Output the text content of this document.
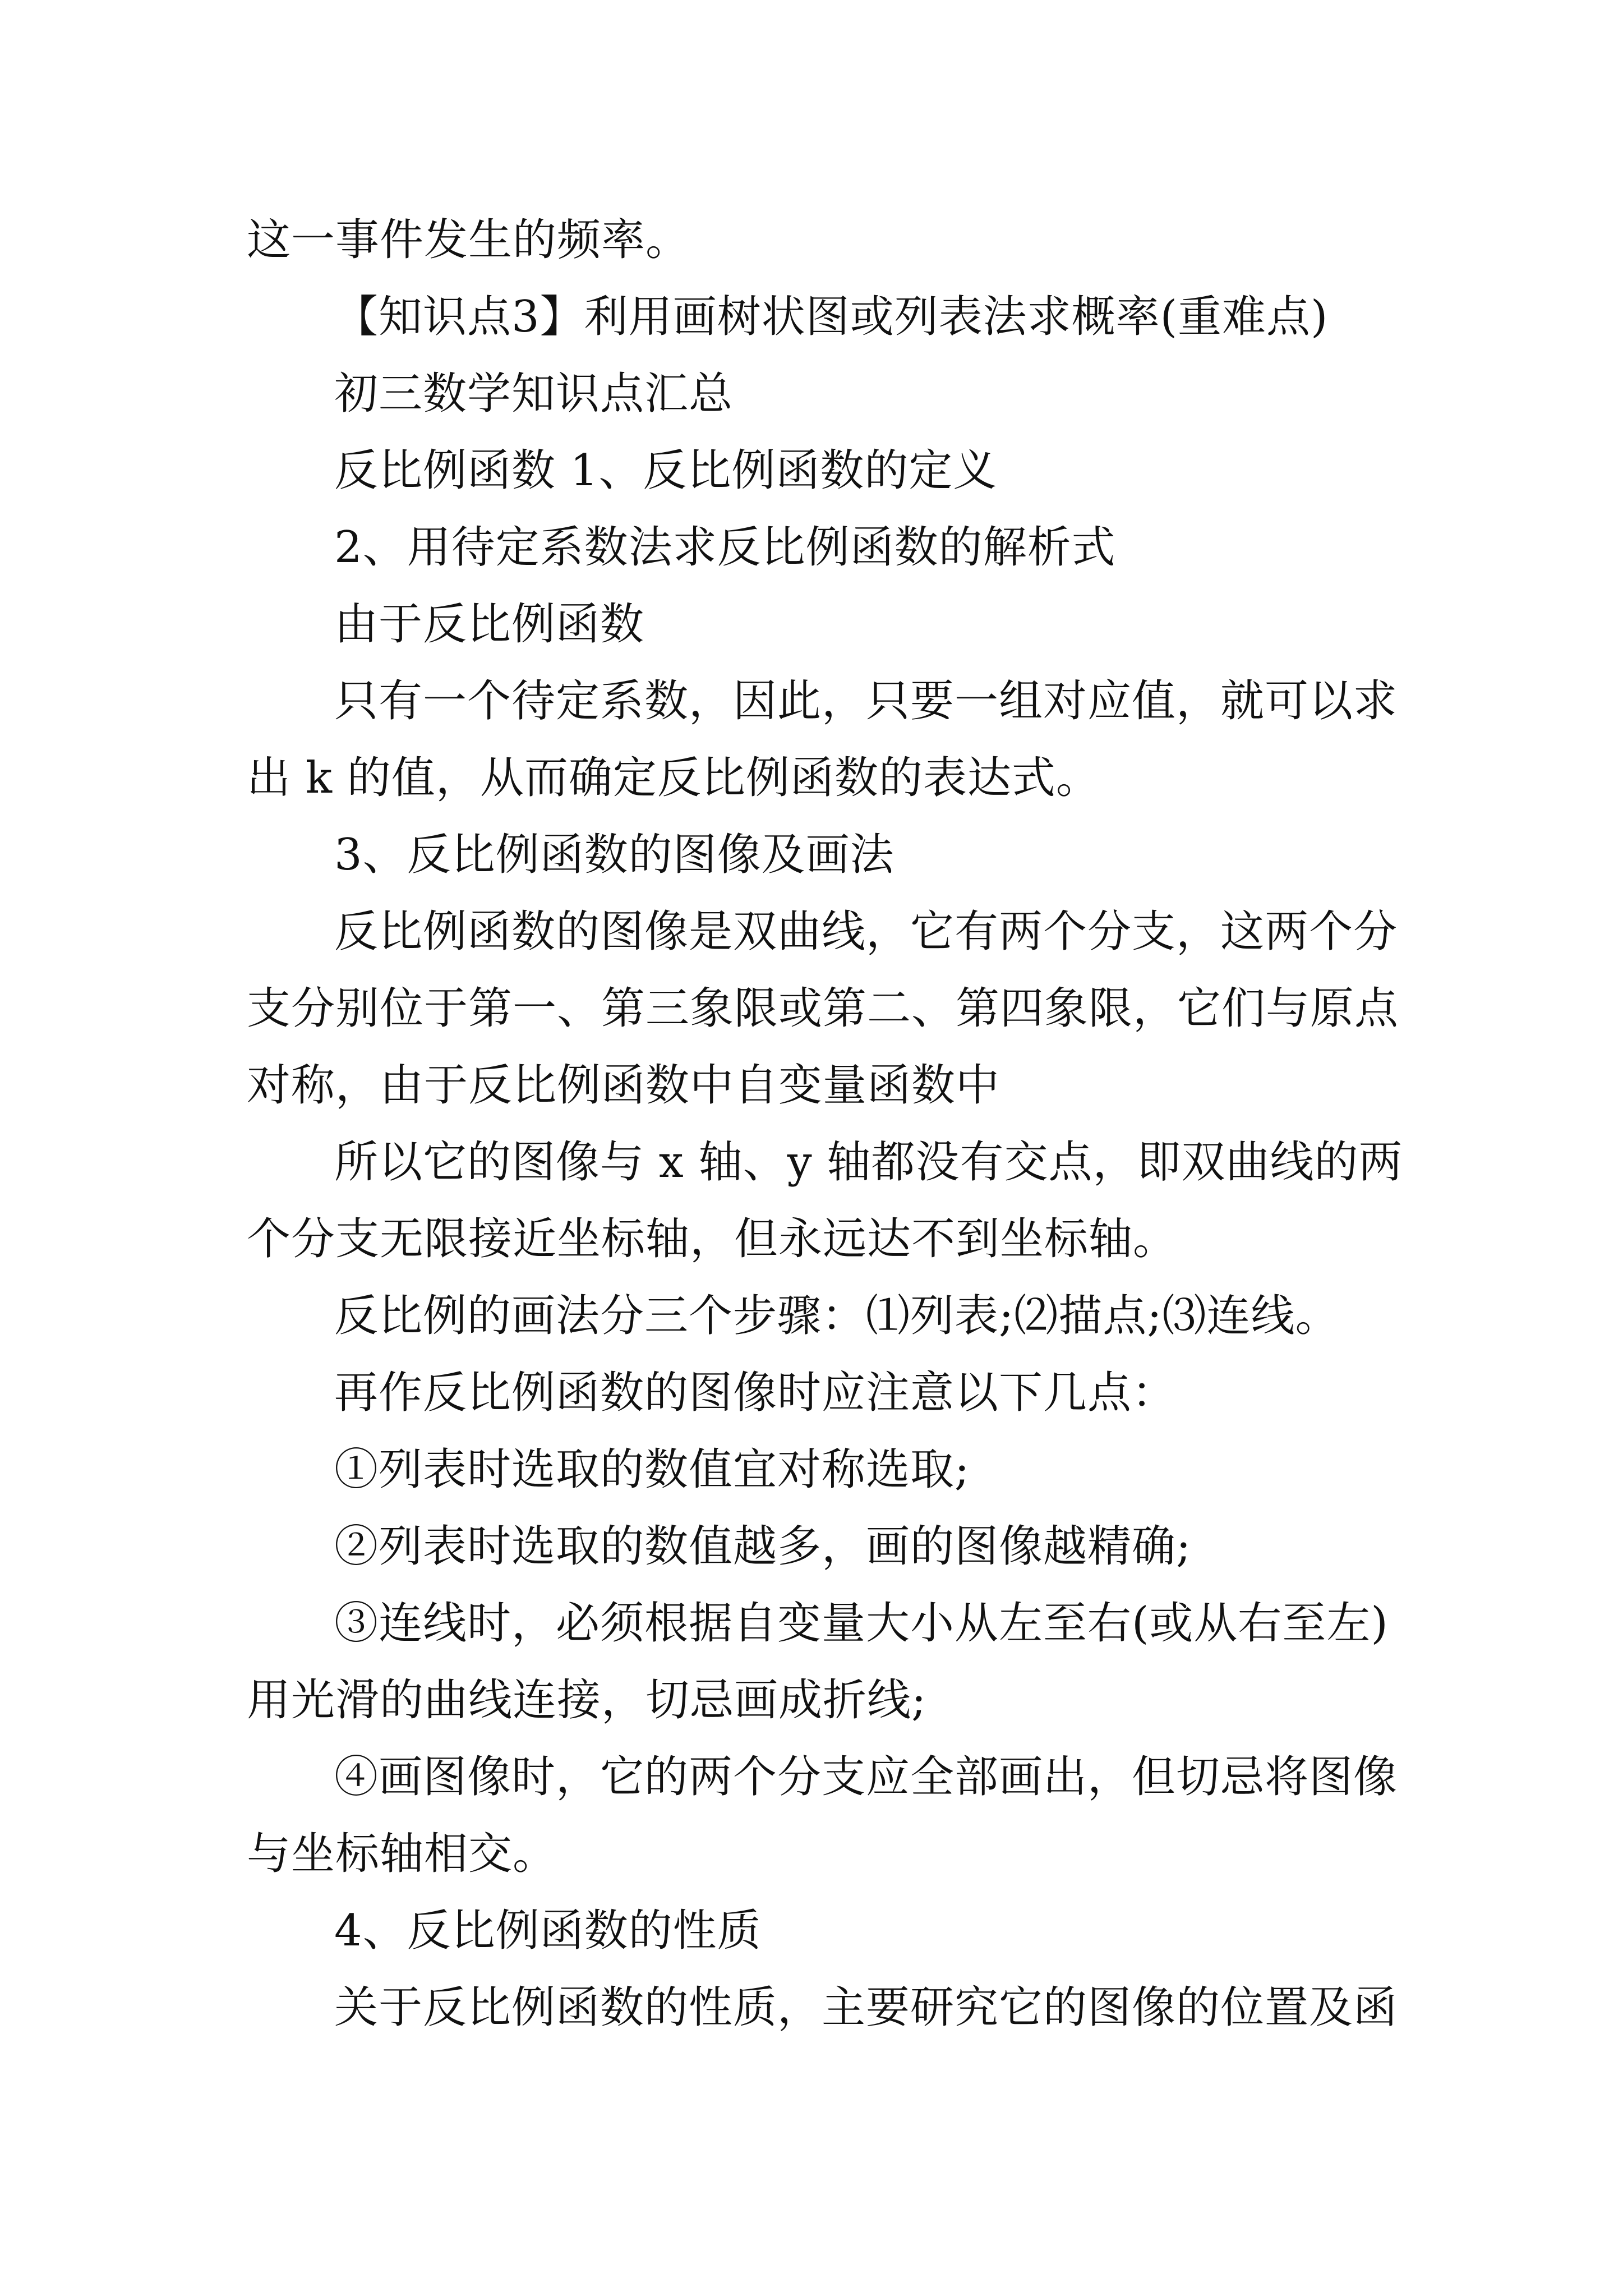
这一事件发生的频率。

【知识点3】利用画树状图或列表法求概率(重难点)

初三数学知识点汇总

反比例函数 1、反比例函数的定义

2、用待定系数法求反比例函数的解析式

由于反比例函数

只有一个待定系数，因此，只要一组对应值，就可以求

出 k 的值，从而确定反比例函数的表达式。

3、反比例函数的图像及画法

反比例函数的图像是双曲线，它有两个分支，这两个分

支分别位于第一、第三象限或第二、第四象限，它们与原点

对称，由于反比例函数中自变量函数中

所以它的图像与 x 轴、y 轴都没有交点，即双曲线的两

个分支无限接近坐标轴，但永远达不到坐标轴。

反比例的画法分三个步骤：⑴列表;⑵描点;⑶连线。

再作反比例函数的图像时应注意以下几点：

①列表时选取的数值宜对称选取;

②列表时选取的数值越多，画的图像越精确;

③连线时，必须根据自变量大小从左至右(或从右至左)

用光滑的曲线连接，切忌画成折线;

④画图像时，它的两个分支应全部画出，但切忌将图像

与坐标轴相交。

4、反比例函数的性质

关于反比例函数的性质，主要研究它的图像的位置及函
